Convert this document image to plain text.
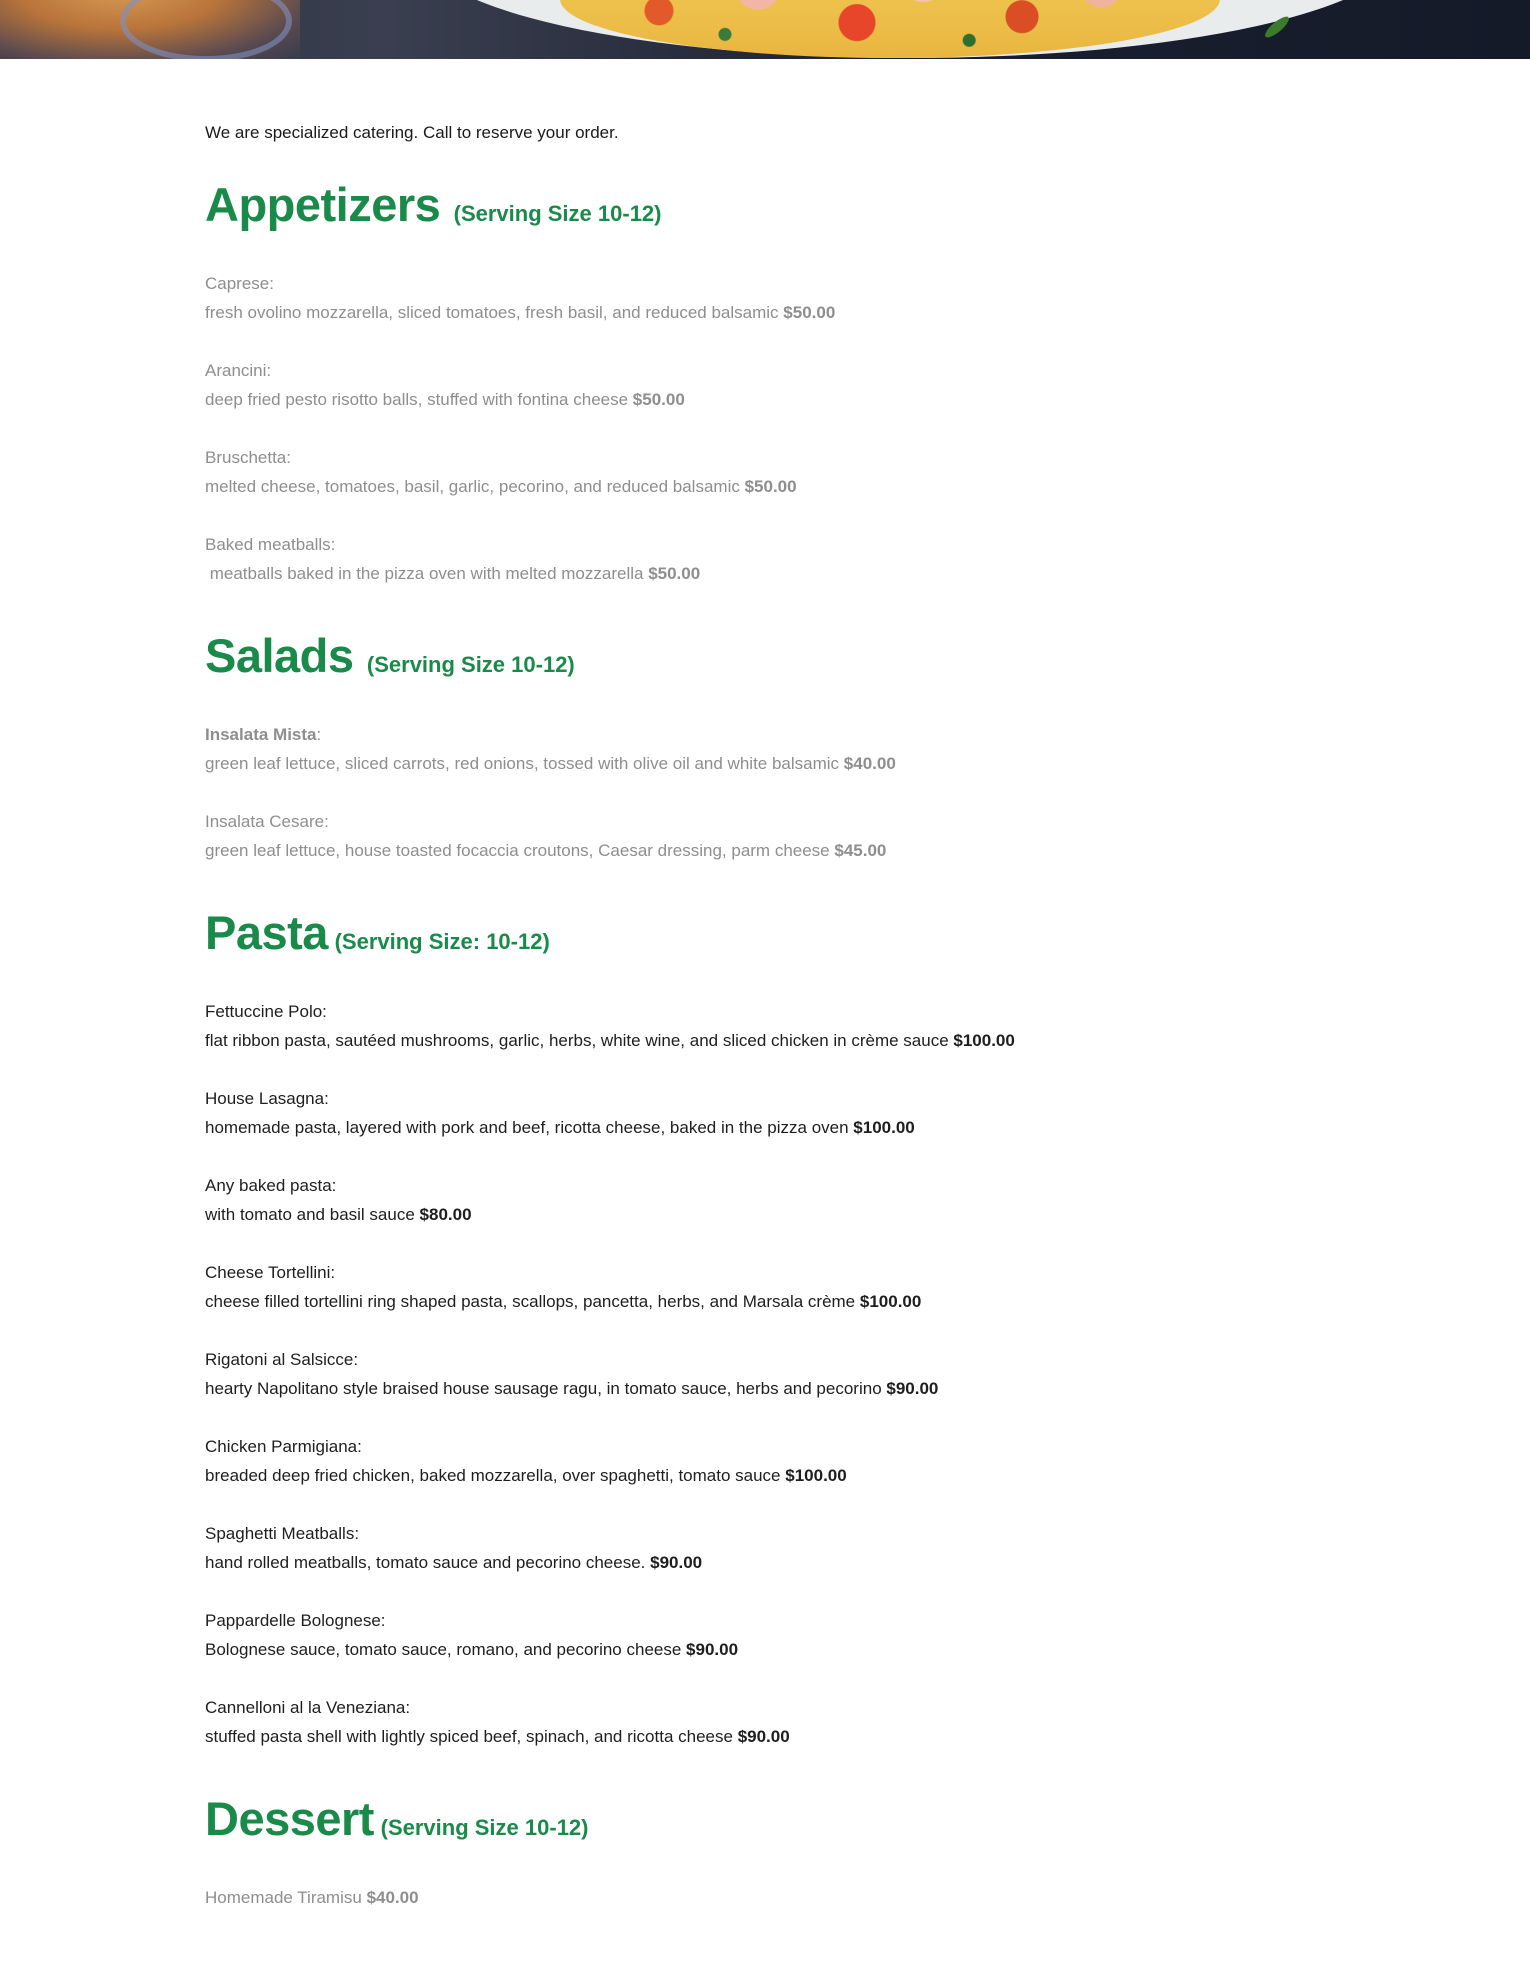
We are specialized catering. Call to reserve your order.

Appetizers (Serving Size 10-12)
Caprese:
fresh ovolino mozzarella, sliced tomatoes, fresh basil, and reduced balsamic $50.00
Arancini:
deep fried pesto risotto balls, stuffed with fontina cheese $50.00
Bruschetta:
melted cheese, tomatoes, basil, garlic, pecorino, and reduced balsamic $50.00
Baked meatballs:
meatballs baked in the pizza oven with melted mozzarella $50.00
Salads (Serving Size 10-12)
Insalata Mista:
green leaf lettuce, sliced carrots, red onions, tossed with olive oil and white balsamic $40.00
Insalata Cesare:
green leaf lettuce, house toasted focaccia croutons, Caesar dressing, parm cheese $45.00
Pasta (Serving Size: 10-12)
Fettuccine Polo:
flat ribbon pasta, sautéed mushrooms, garlic, herbs, white wine, and sliced chicken in crème sauce $100.00
House Lasagna:
homemade pasta, layered with pork and beef, ricotta cheese, baked in the pizza oven $100.00
Any baked pasta:
with tomato and basil sauce $80.00
Cheese Tortellini:
cheese filled tortellini ring shaped pasta, scallops, pancetta, herbs, and Marsala crème $100.00
Rigatoni al Salsicce:
hearty Napolitano style braised house sausage ragu, in tomato sauce, herbs and pecorino $90.00
Chicken Parmigiana:
breaded deep fried chicken, baked mozzarella, over spaghetti, tomato sauce $100.00
Spaghetti Meatballs:
hand rolled meatballs, tomato sauce and pecorino cheese. $90.00
Pappardelle Bolognese:
Bolognese sauce, tomato sauce, romano, and pecorino cheese $90.00
Cannelloni al la Veneziana:
stuffed pasta shell with lightly spiced beef, spinach, and ricotta cheese $90.00
Dessert (Serving Size 10-12)
Homemade Tiramisu $40.00
